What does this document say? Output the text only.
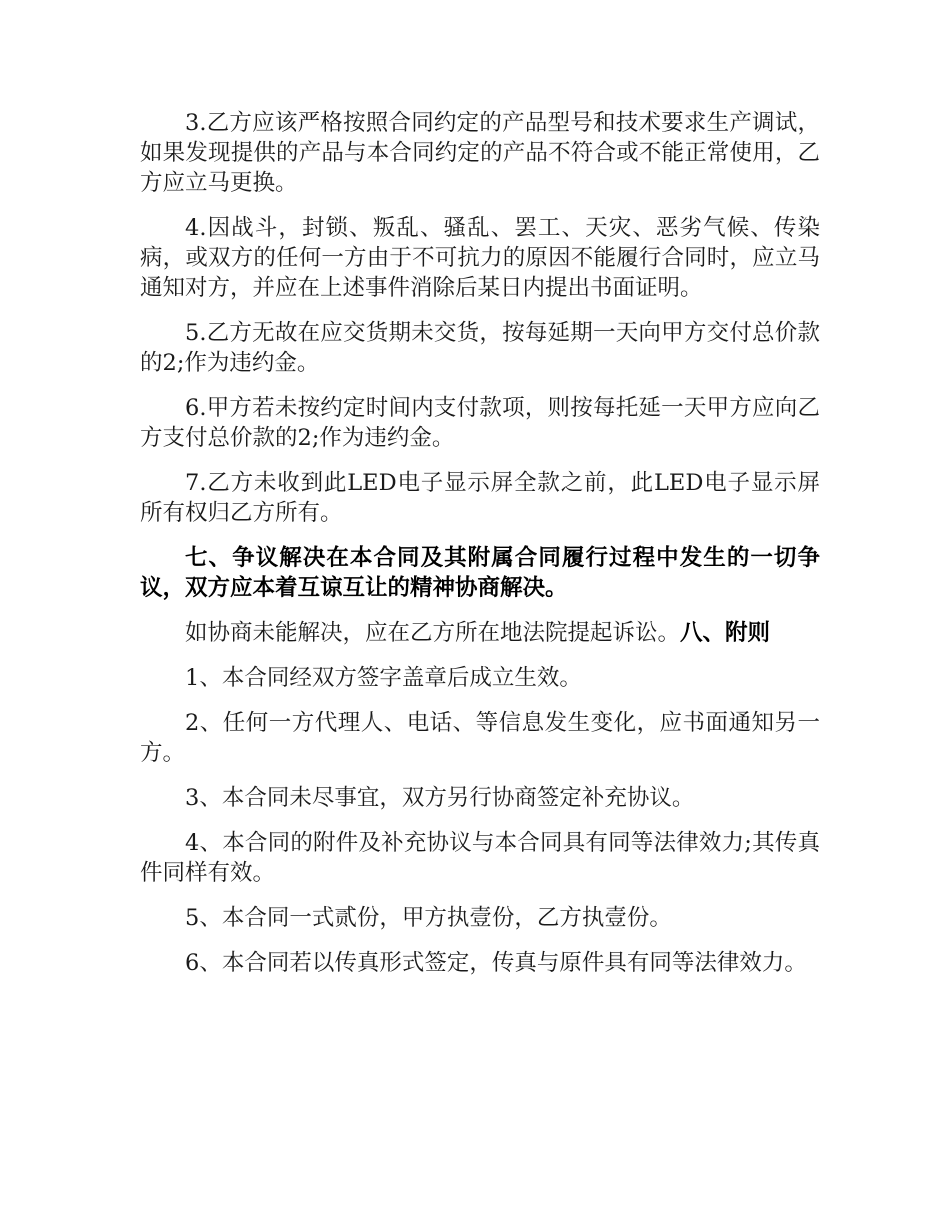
3.乙方应该严格按照合同约定的产品型号和技术要求生产调试，如果发现提供的产品与本合同约定的产品不符合或不能正常使用，乙方应立马更换。

4.因战斗，封锁、叛乱、骚乱、罢工、天灾、恶劣气候、传染病，或双方的任何一方由于不可抗力的原因不能履行合同时，应立马通知对方，并应在上述事件消除后某日内提出书面证明。

5.乙方无故在应交货期未交货，按每延期一天向甲方交付总价款的2;作为违约金。

6.甲方若未按约定时间内支付款项，则按每托延一天甲方应向乙方支付总价款的2;作为违约金。

7.乙方未收到此LED电子显示屏全款之前，此LED电子显示屏所有权归乙方所有。

七、争议解决在本合同及其附属合同履行过程中发生的一切争议，双方应本着互谅互让的精神协商解决。

如协商未能解决，应在乙方所在地法院提起诉讼。八、附则

1、本合同经双方签字盖章后成立生效。

2、任何一方代理人、电话、等信息发生变化，应书面通知另一方。

3、本合同未尽事宜，双方另行协商签定补充协议。

4、本合同的附件及补充协议与本合同具有同等法律效力;其传真件同样有效。

5、本合同一式贰份，甲方执壹份，乙方执壹份。

6、本合同若以传真形式签定，传真与原件具有同等法律效力。
